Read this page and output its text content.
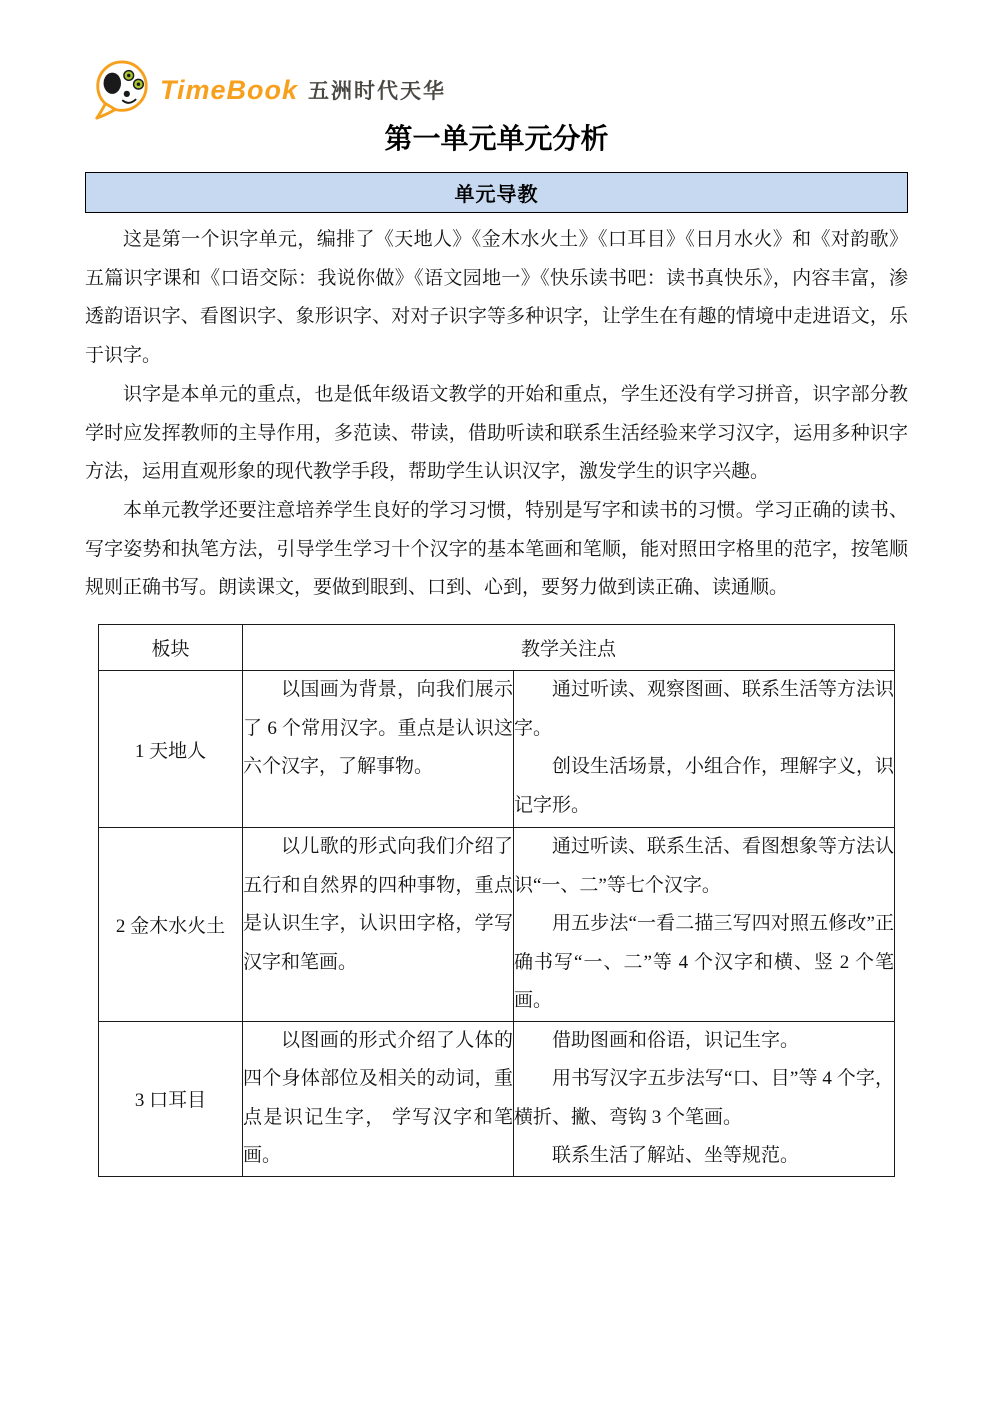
TimeBook 五洲时代天华
第一单元单元分析
单元导教

这是第一个识字单元，编排了《天地人》《金木水火土》《口耳目》《日月水火》和《对韵歌》五篇识字课和《口语交际：我说你做》《语文园地一》《快乐读书吧：读书真快乐》，内容丰富，渗透韵语识字、看图识字、象形识字、对对子识字等多种识字，让学生在有趣的情境中走进语文，乐于识字。

识字是本单元的重点，也是低年级语文教学的开始和重点，学生还没有学习拼音，识字部分教学时应发挥教师的主导作用，多范读、带读，借助听读和联系生活经验来学习汉字，运用多种识字方法，运用直观形象的现代教学手段，帮助学生认识汉字，激发学生的识字兴趣。

本单元教学还要注意培养学生良好的学习习惯，特别是写字和读书的习惯。学习正确的读书、写字姿势和执笔方法，引导学生学习十个汉字的基本笔画和笔顺，能对照田字格里的范字，按笔顺规则正确书写。朗读课文，要做到眼到、口到、心到，要努力做到读正确、读通顺。

板块	教学关注点	
1 天地人	以国画为背景，向我们展示了 6 个常用汉字。重点是认识这六个汉字，了解事物。	通过听读、观察图画、联系生活等方法识字。

创设生活场景，小组合作，理解字义，识记字形。

2 金木水火土	以儿歌的形式向我们介绍了五行和自然界的四种事物，重点是认识生字，认识田字格，学写汉字和笔画。	通过听读、联系生活、看图想象等方法认识“一、二”等七个汉字。

用五步法“一看二描三写四对照五修改”正确书写“一、二”等 4 个汉字和横、竖 2 个笔画。

3 口耳目	以图画的形式介绍了人体的四个身体部位及相关的动词，重点是识记生字， 学写汉字和笔画。	借助图画和俗语，识记生字。

用书写汉字五步法写“口、目”等 4 个字，横折、撇、弯钩 3 个笔画。

联系生活了解站、坐等规范。
